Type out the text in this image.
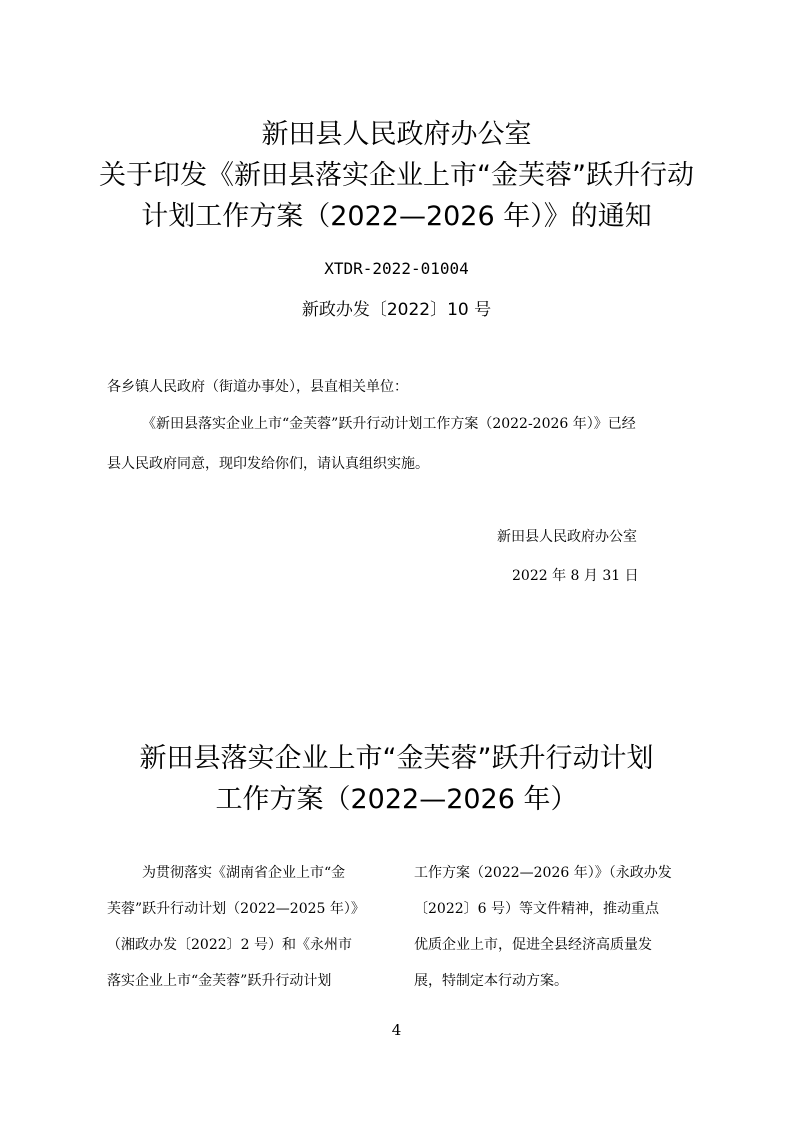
新田县人民政府办公室
关于印发《新田县落实企业上市“金芙蓉”跃升行动
计划工作方案（2022—2026 年）》的通知
XTDR-2022-01004
新政办发〔2022〕10 号
各乡镇人民政府（街道办事处），县直相关单位：
《新田县落实企业上市“金芙蓉”跃升行动计划工作方案（2022-2026 年）》已经
县人民政府同意，现印发给你们，请认真组织实施。
新田县人民政府办公室
2022 年 8 月 31 日
新田县落实企业上市“金芙蓉”跃升行动计划
工作方案（2022—2026 年）
为贯彻落实《湖南省企业上市“金
芙蓉”跃升行动计划（2022—2025 年）》
（湘政办发〔2022〕2 号）和《永州市
落实企业上市“金芙蓉”跃升行动计划
工作方案（2022—2026 年）》（永政办发
〔2022〕6 号）等文件精神，推动重点
优质企业上市，促进全县经济高质量发
展，特制定本行动方案。
4
